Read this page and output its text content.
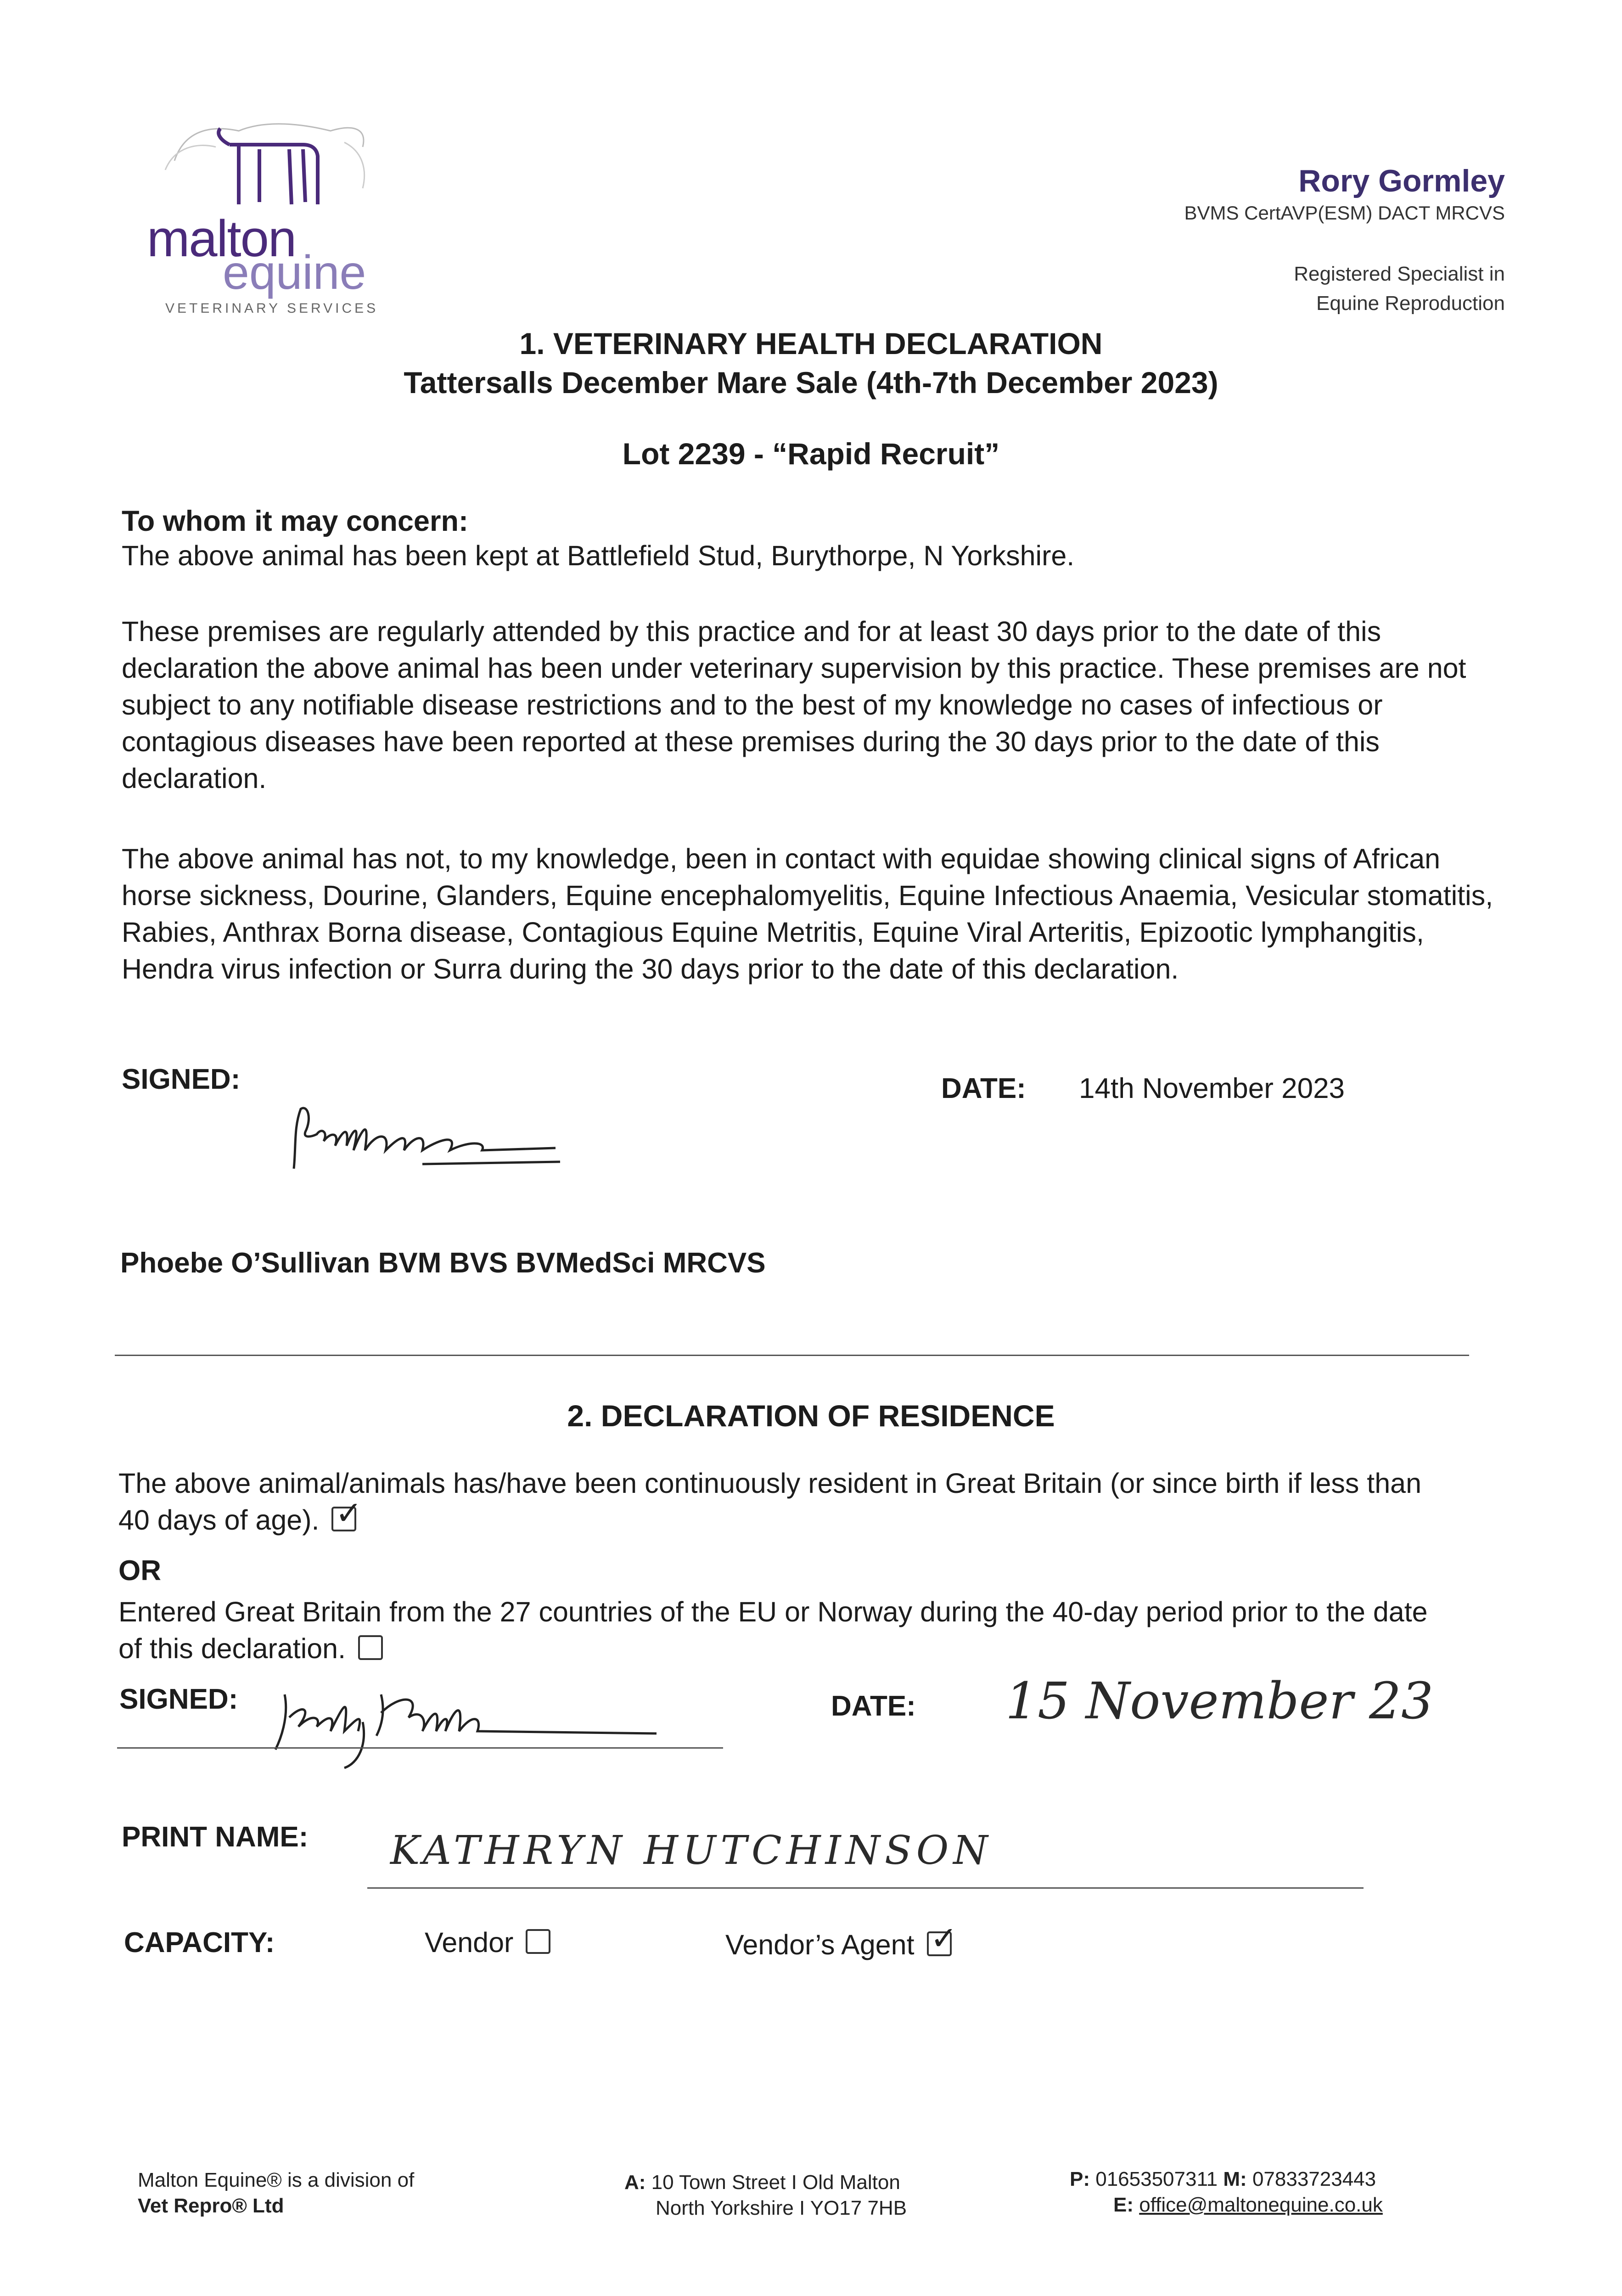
malton
equine
VETERINARY SERVICES
Rory Gormley
BVMS CertAVP(ESM) DACT MRCVS
Registered Specialist in
Equine Reproduction
1. VETERINARY HEALTH DECLARATION
Tattersalls December Mare Sale (4th-7th December 2023)
Lot 2239 - “Rapid Recruit”
To whom it may concern:
The above animal has been kept at Battlefield Stud, Burythorpe, N Yorkshire.
These premises are regularly attended by this practice and for at least 30 days prior to the date of this declaration the above animal has been under veterinary supervision by this practice. These premises are not subject to any notifiable disease restrictions and to the best of my knowledge no cases of infectious or contagious diseases have been reported at these premises during the 30 days prior to the date of this declaration.
The above animal has not, to my knowledge, been in contact with equidae showing clinical signs of African horse sickness, Dourine, Glanders, Equine encephalomyelitis, Equine Infectious Anaemia, Vesicular stomatitis, Rabies, Anthrax Borna disease, Contagious Equine Metritis, Equine Viral Arteritis, Epizootic lymphangitis, Hendra virus infection or Surra during the 30 days prior to the date of this declaration.
SIGNED:	DATE: 14th November 2023
Phoebe O’Sullivan BVM BVS BVMedSci MRCVS
2. DECLARATION OF RESIDENCE
The above animal/animals has/have been continuously resident in Great Britain (or since birth if less than 40 days of age). ✓
OR
Entered Great Britain from the 27 countries of the EU or Norway during the 40-day period prior to the date of this declaration.
SIGNED:	DATE: 15 November 23
PRINT NAME: KATHRYN HUTCHINSON
CAPACITY:	Vendor	Vendor’s Agent ✓
Malton Equine® is a division of
Vet Repro® Ltd
A: 10 Town Street I Old Malton
North Yorkshire I YO17 7HB
P: 01653507311 M: 07833723443
E: office@maltonequine.co.uk
